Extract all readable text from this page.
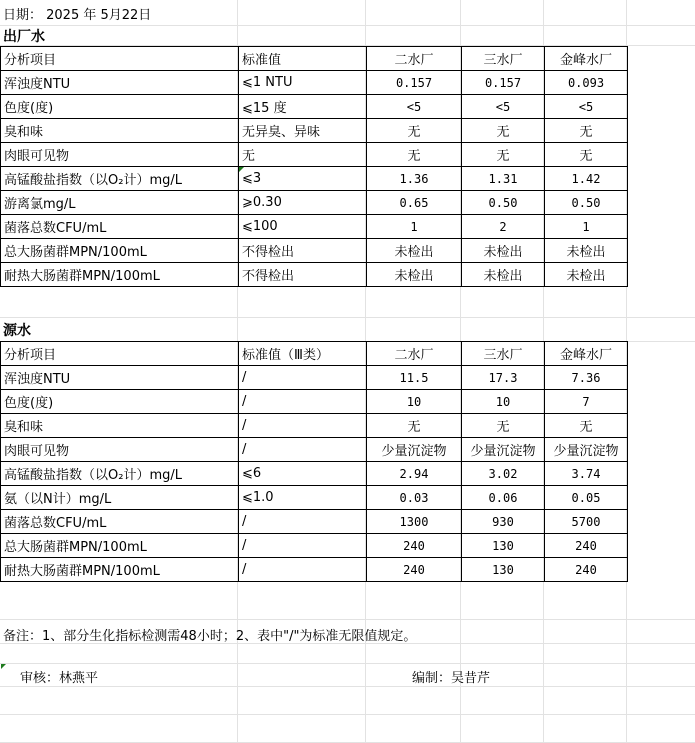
日期： 2025 年 5月22日
出厂水
分析项目	标准值	二水厂	三水厂	金峰水厂

浑浊度NTU	⩽1 NTU	0.157	0.157	0.093

色度(度)	⩽15 度	<5	<5	<5

臭和味	无异臭、异味	无	无	无

肉眼可见物	无	无	无	无

高锰酸盐指数（以O₂计）mg/L	⩽3	1.36	1.31	1.42

游离氯mg/L	⩾0.30	0.65	0.50	0.50

菌落总数CFU/mL	⩽100	1	2	1

总大肠菌群MPN/100mL	不得检出	未检出	未检出	未检出

耐热大肠菌群MPN/100mL	不得检出	未检出	未检出	未检出
源水
分析项目	标准值（Ⅲ类）	二水厂	三水厂	金峰水厂

浑浊度NTU	/	11.5	17.3	7.36

色度(度)	/	10	10	7

臭和味	/	无	无	无

肉眼可见物	/	少量沉淀物	少量沉淀物	少量沉淀物

高锰酸盐指数（以O₂计）mg/L	⩽6	2.94	3.02	3.74

氨（以N计）mg/L	⩽1.0	0.03	0.06	0.05

菌落总数CFU/mL	/	1300	930	5700

总大肠菌群MPN/100mL	/	240	130	240

耐热大肠菌群MPN/100mL	/	240	130	240
备注：1、部分生化指标检测需48小时；2、表中"/"为标准无限值规定。
审核：林燕平	编制：吴昔芹
